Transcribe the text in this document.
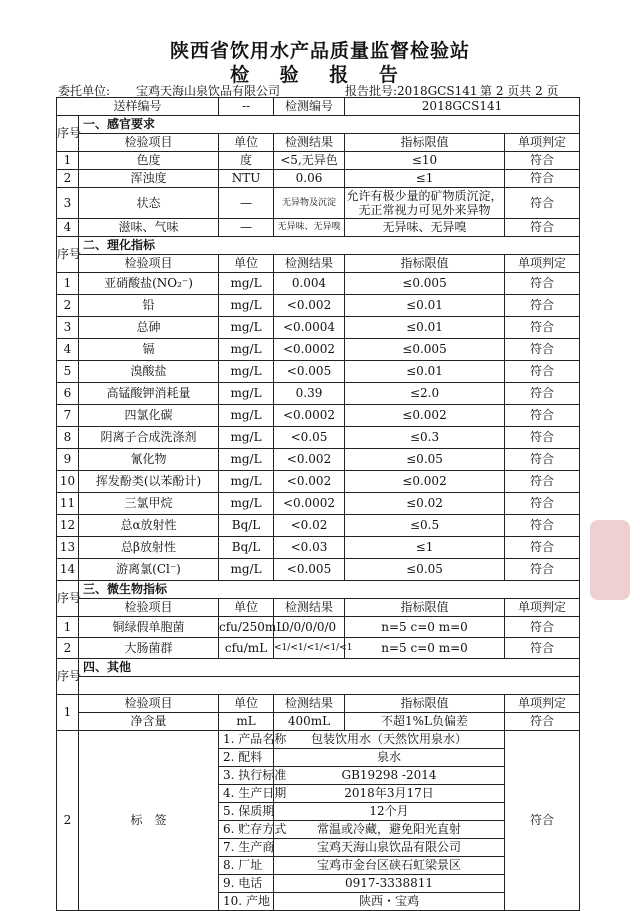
陕西省饮用水产品质量监督检验站
检 验 报 告
委托单位: 宝鸡天海山泉饮品有限公司	报告批号:2018GCS141 第 2 页共 2 页
送样编号		--	检测编号	2018GCS141	
序号	一、感官要求				
	检验项目	单位	检测结果	指标限值	单项判定
1	色度	度	<5,无异色	≤10	符合
2	浑浊度	NTU	0.06	≤1	符合
3	状态	—	无异物及沉淀	允许有极少量的矿物质沉淀，无正常视力可见外来异物	符合
4	滋味、气味	—	无异味、无异嗅	无异味、无异嗅	符合
序号	二、理化指标				
	检验项目	单位	检测结果	指标限值	单项判定
1	亚硝酸盐(NO₂⁻)	mg/L	0.004	≤0.005	符合
2	铅	mg/L	<0.002	≤0.01	符合
3	总砷	mg/L	<0.0004	≤0.01	符合
4	镉	mg/L	<0.0002	≤0.005	符合
5	溴酸盐	mg/L	<0.005	≤0.01	符合
6	高锰酸钾消耗量	mg/L	0.39	≤2.0	符合
7	四氯化碳	mg/L	<0.0002	≤0.002	符合
8	阴离子合成洗涤剂	mg/L	<0.05	≤0.3	符合
9	氰化物	mg/L	<0.002	≤0.05	符合
10	挥发酚类(以苯酚计)	mg/L	<0.002	≤0.002	符合
11	三氯甲烷	mg/L	<0.0002	≤0.02	符合
12	总α放射性	Bq/L	<0.02	≤0.5	符合
13	总β放射性	Bq/L	<0.03	≤1	符合
14	游离氯(Cl⁻)	mg/L	<0.005	≤0.05	符合
序号	三、微生物指标				
	检验项目	单位	检测结果	指标限值	单项判定
1	铜绿假单胞菌	cfu/250mL	0/0/0/0/0	n=5 c=0 m=0	符合
2	大肠菌群	cfu/mL	<1/<1/<1/<1/<1	n=5 c=0 m=0	符合
序号	四、其他				

1	检验项目	单位	检测结果	指标限值	单项判定
	净含量	mL	400mL	不超1%L负偏差	符合
2	标　签	1. 产品名称	包装饮用水（天然饮用泉水）		符合
		2. 配料	泉水		
		3. 执行标准	GB19298 -2014		
		4. 生产日期	2018年3月17日		
		5. 保质期	12个月		
		6. 贮存方式	常温或冷藏，避免阳光直射		
		7. 生产商	宝鸡天海山泉饮品有限公司		
		8. 厂址	宝鸡市金台区硖石虹梁景区		
		9. 电话	0917-3338811		
		10. 产地	陕西・宝鸡		
